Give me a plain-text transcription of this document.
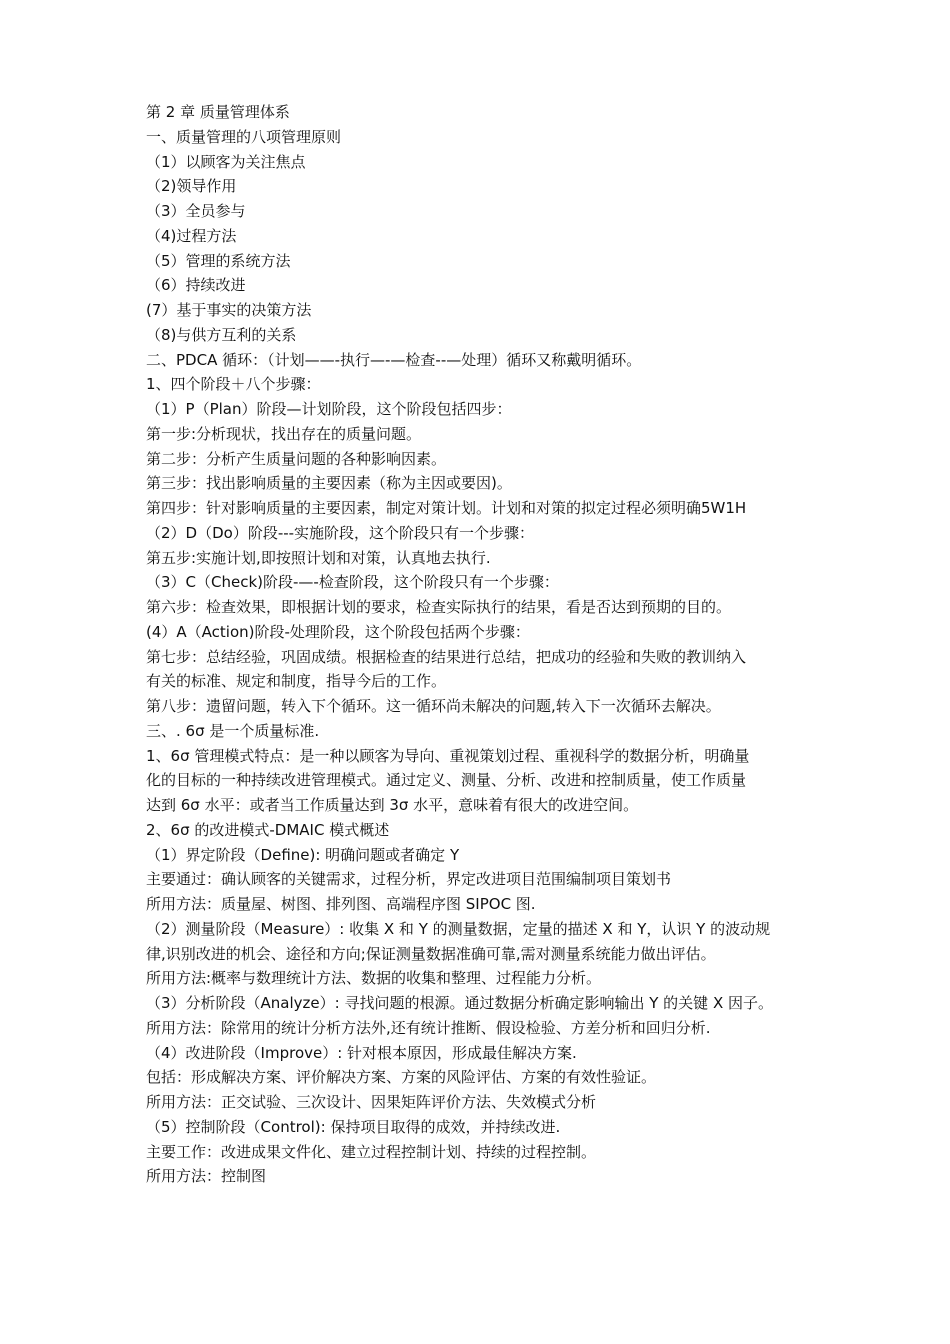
第 2 章 质量管理体系
一、质量管理的八项管理原则
（1）以顾客为关注焦点
（2)领导作用
（3）全员参与
（4)过程方法
（5）管理的系统方法
（6）持续改进
(7）基于事实的决策方法
（8)与供方互利的关系
二、PDCA 循环：（计划——-执行—-—检查--—处理）循环又称戴明循环。
1、四个阶段＋八个步骤：
（1）P（Plan）阶段—计划阶段，这个阶段包括四步：
第一步:分析现状，找出存在的质量问题。
第二步：分析产生质量问题的各种影响因素。
第三步：找出影响质量的主要因素（称为主因或要因)。
第四步：针对影响质量的主要因素，制定对策计划。计划和对策的拟定过程必须明确5W1H
（2）D（Do）阶段---实施阶段，这个阶段只有一个步骤：
第五步:实施计划,即按照计划和对策，认真地去执行.
（3）C（Check)阶段-—-检查阶段，这个阶段只有一个步骤：
第六步：检查效果，即根据计划的要求，检查实际执行的结果，看是否达到预期的目的。
(4）A（Action)阶段-处理阶段，这个阶段包括两个步骤：
第七步：总结经验，巩固成绩。根据检查的结果进行总结，把成功的经验和失败的教训纳入
有关的标准、规定和制度，指导今后的工作。
第八步：遗留问题，转入下个循环。这一循环尚未解决的问题,转入下一次循环去解决。
三、. 6σ 是一个质量标准.
1、6σ 管理模式特点：是一种以顾客为导向、重视策划过程、重视科学的数据分析，明确量
化的目标的一种持续改进管理模式。通过定义、测量、分析、改进和控制质量，使工作质量
达到 6σ 水平：或者当工作质量达到 3σ 水平，意味着有很大的改进空间。
2、6σ 的改进模式-DMAIC 模式概述
（1）界定阶段（Define): 明确问题或者确定 Y
主要通过：确认顾客的关键需求，过程分析，界定改进项目范围编制项目策划书
所用方法：质量屋、树图、排列图、高端程序图 SIPOC 图.
（2）测量阶段（Measure）: 收集 X 和 Y 的测量数据，定量的描述 X 和 Y，认识 Y 的波动规
律,识别改进的机会、途径和方向;保证测量数据准确可靠,需对测量系统能力做出评估。
所用方法:概率与数理统计方法、数据的收集和整理、过程能力分析。
（3）分析阶段（Analyze）: 寻找问题的根源。通过数据分析确定影响输出 Y 的关键 X 因子。
所用方法：除常用的统计分析方法外,还有统计推断、假设检验、方差分析和回归分析.
（4）改进阶段（Improve）: 针对根本原因，形成最佳解决方案.
包括：形成解决方案、评价解决方案、方案的风险评估、方案的有效性验证。
所用方法：正交试验、三次设计、因果矩阵评价方法、失效模式分析
（5）控制阶段（Control): 保持项目取得的成效，并持续改进.
主要工作：改进成果文件化、建立过程控制计划、持续的过程控制。
所用方法：控制图
